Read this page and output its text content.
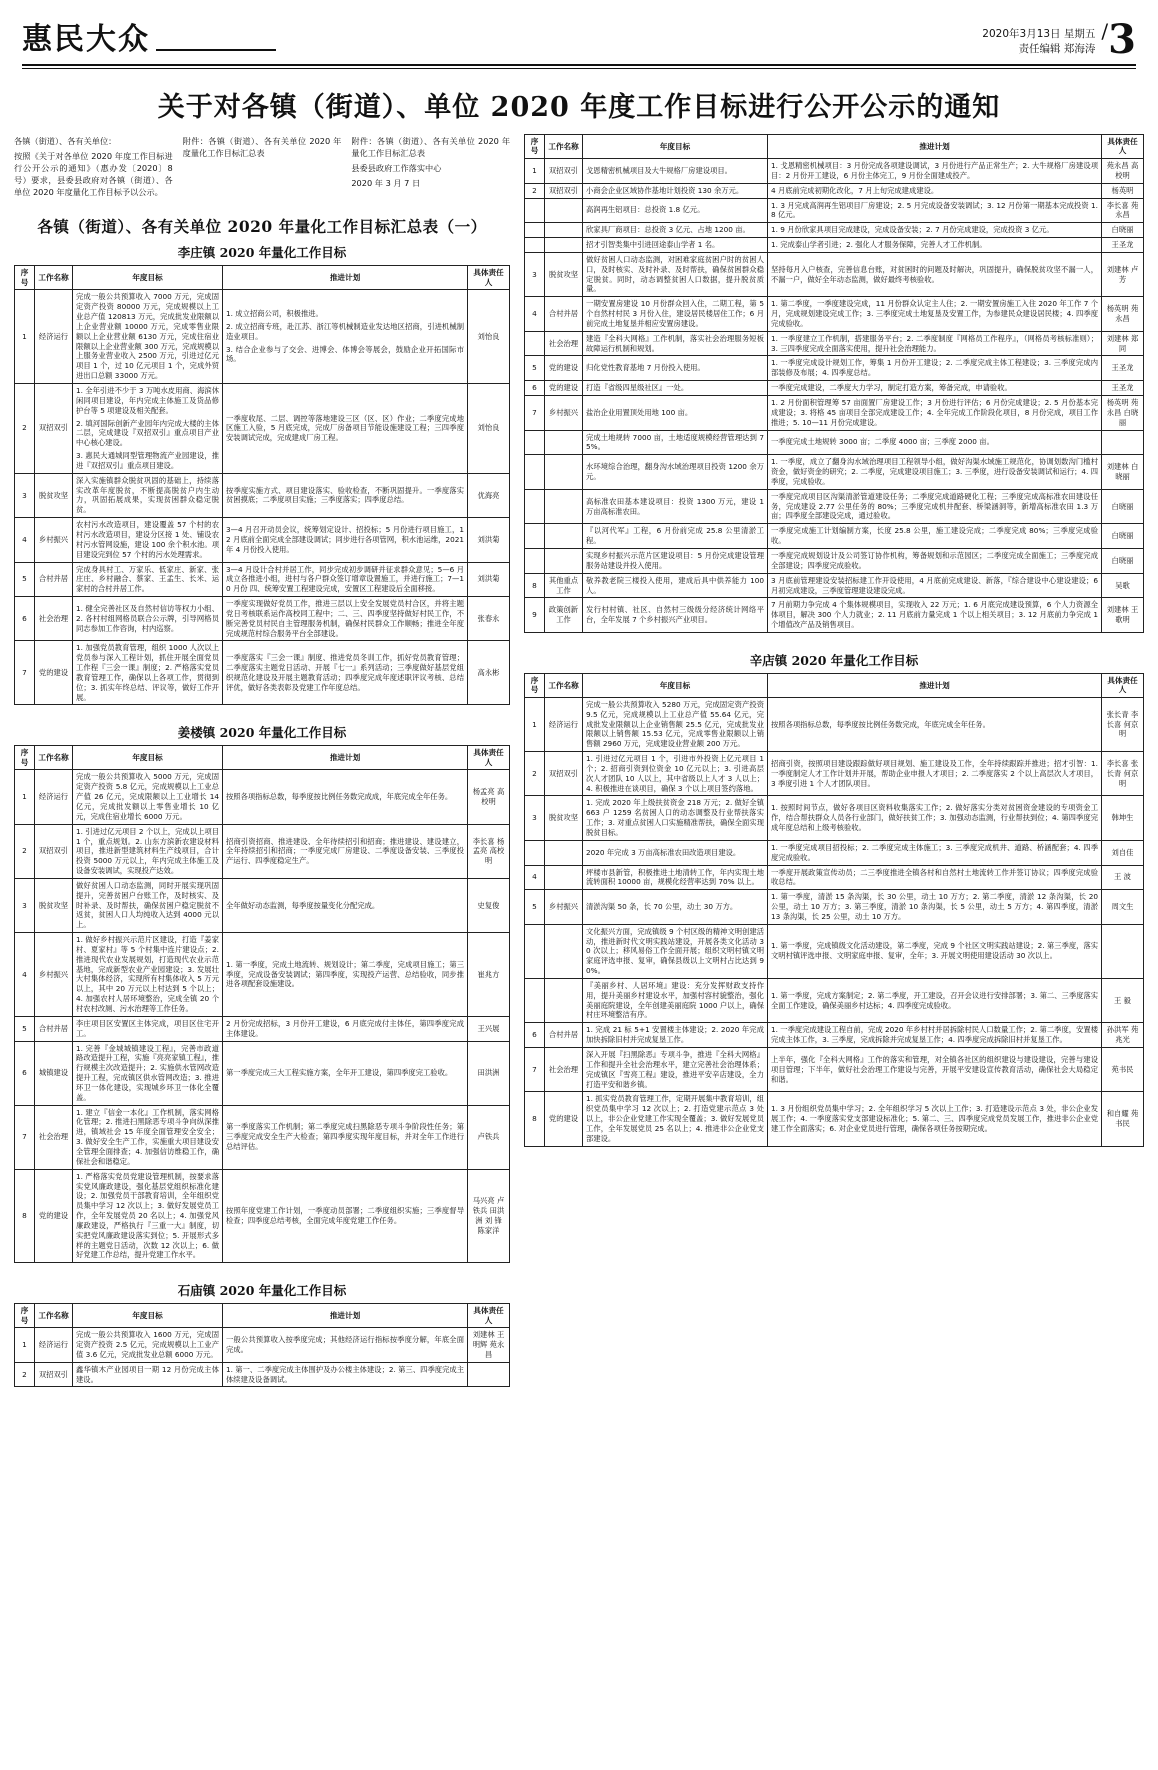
惠民大众	2020年3月13日 星期五
责任编辑 郑海涛
/3
关于对各镇（街道）、单位 2020 年度工作目标进行公开公示的通知

各镇（街道）、各有关单位：

按照《关于对各单位 2020 年度工作目标进行公开公示的通知》（惠办发〔2020〕8 号）要求，县委县政府对各镇（街道）、各单位 2020 年度量化工作目标予以公示。

附件：各镇（街道）、各有关单位 2020 年度量化工作目标汇总表

附件：各镇（街道）、各有关单位 2020 年量化工作目标汇总表

县委县政府工作落实中心

2020 年 3 月 7 日

各镇（街道）、各有关单位 2020 年量化工作目标汇总表（一）
李庄镇 2020 年量化工作目标
序号	工作名称	年度目标	推进计划	具体责任人
1	经济运行	完成一般公共预算收入 7000 万元，完成固定资产投资 80000 万元，完成规模以上工业总产值 120813 万元，完成批发业限额以上企业营业额 10000 万元，完成零售业限额以上企业营业额 6130 万元，完成住宿业限额以上企业营业额 300 万元，完成规模以上服务业营业收入 2500 万元，引进过亿元项目 1 个，过 10 亿元项目 1 个，完成外贸进出口总额 33000 万元。	1. 成立招商公司，积极推进。

2. 成立招商专班，赴江苏、浙江等机械制造业发达地区招商，引进机械制造业项目。

3. 结合企业参与了交会、进博会、体博会等展会，鼓励企业开拓国际市场。	刘怡良
2	双招双引	1. 全年引进不少于 3 万吨水皮用商、海滨休闲同项目建设，年内完成主体施工及货品修护台等 5 项建设及相关配套。

2. 填河国际创新产业园年内完成大楼的主体二层，完成建设『双招双引』重点项目产业中心核心建设。

3. 惠民大通城同型管理物流产业园建设，推进『双招双引』重点项目建设。	一季度收尾、二层、调控等落地建设三区（区、区）作业；二季度完成地区施工入验，5 月底完成，完成厂房备项目节能设施建设工程；三四季度安装调试完成，完成建成厂房工程。	刘怡良
3	脱贫攻坚	深入实施镇群众脱贫巩固的基础上，持续落实改革年度脱贫，不断提高脱贫户内生动力，巩固拓展成果，实现贫困群众稳定脱贫。	按季度实施方式、项目建设落实、验收检查，不断巩固提升。一季度落实贫困摸底；二季度项目实施；三季度落实；四季度总结。	优海亮
4	乡村振兴	农村污水改造项目，建设覆盖 57 个村的农村污水改造项目，建设分区接 1 处、铺设农村污水管网设施，建设 100 余个积水池。项目建设完到位 57 个村的污水处理需求。	3—4 月召开动员会议，统筹划定设计、招投标；5 月份进行项目施工，12 月底前全面完成全部建设调试；同步进行各项管网，积水池运维，2021 年 4 月份投入使用。	刘洪菊
5	合村并居	完成身具村工、万家乐、低家庄、新家、张庄庄、乡村融合、蔡家、王孟生、长米、运家村的合村并居工作。	3—4 月设计合村并居工作，同步完成初步调研并征求群众意见；5—6 月成立各推进小组，进村与各户群众签订增章设置施工，并进行施工；7—10 月份 四、统筹安置工程建设完成，安置区工程建设后全面移接。	刘洪菊
6	社会治理	1. 健全完善社区及自然村信访等权力小组、2. 各村村组网格员联合公示牌，引导网格员同志参加工作咨询，村内巡察。	一季度实现做好党员工作，推进三层以上安全发展党员村合区，并将主题党日考核联系运作高校同工程中；二、三、四季度坚持做好村民工作，不断完善党员村民自主管理服务机制，确保村民群众工作顺畅；推进全年度完成规范村综合服务平台全部建设。	张春永
7	党的建设	1. 加强党员教育管理，组织 1000 人次以上党员参与深入工程计划，抓住开展全面党员工作程『三会一课』制度；2. 严格落实党员教育管理工作，确保以上各项工作，贯彻到位；3. 抓实年终总结、评议等，做好工作开展。	一季度落实『三会一课』制度、推进党员冬训工作，抓好党员教育管理；二季度落实主题党日活动、开展『七一』系列活动；三季度做好基层党组织规范化建设及开展主题教育活动；四季度完成年度述职评议考核、总结评优，做好各类表彰及党建工作年度总结。	高永彬
姜楼镇 2020 年量化工作目标
序号	工作名称	年度目标	推进计划	具体责任人
1	经济运行	完成一般公共预算收入 5000 万元，完成固定资产投资 5.8 亿元，完成规模以上工业总产值 26 亿元，完成限额以上工业增长 14 亿元，完成批发额以上零售业增长 10 亿元，完成住宿业增长 6000 万元。	按照各项指标总数，每季度按比例任务数完成成，年底完成全年任务。	杨孟亮 高校明
2	双招双引	1. 引进过亿元项目 2 个以上，完成以上项目 1 个，重点规划。2. 山东方滨新农建设材料项目，推进新型建筑材料生产线项目，合计投资 5000 万元以上，年内完成主体施工及设备安装调试，实现投产达效。	招商引资招商、推进建设、全年待续招引和招商；推进建设、建设建立，全年持续招引和招商；一季度完成厂房建设、二季度设备安装、三季度投产运行、四季度稳定生产。	李长喜 杨孟亮 高校明
3	脱贫攻坚	做好贫困人口动态监测，同时开展实现巩固提升，完善贫困户台账工作，及时核实、及时补录、及时帮扶，确保贫困户稳定脱贫不返贫，贫困人口人均纯收入达到 4000 元以上。	全年做好动态监测，每季度按量变化分配完成。	史复俊
4	乡村振兴	1. 做好乡村振兴示范片区建设，打造『姜家村、夏家村』等 5 个村集中连片建设点；2. 推进现代农业发展规划，打造现代农业示范基地，完成新型农业产业园建设；3. 发展壮大村集体经济，实现所有村集体收入 5 万元以上，其中 20 万元以上村达到 5 个以上；4. 加强农村人居环境整治，完成全镇 20 个村农村改厕、污水治理等工作任务。	1. 第一季度，完成土地流转、规划设计；第二季度，完成项目施工；第三季度，完成设备安装调试；第四季度，实现投产运营、总结验收，同步推进各项配套设施建设。	崔兆方
5	合村并居	李庄项目区安置区主体完成，项目区住宅开工。	2 月份完成招标，3 月份开工建设，6 月底完成付主体任，第四季度完成主体建设。	王兴展
6	城镇建设	1. 完善『金城城镇建设工程』，完善市政道路改造提升工程，实施『亮亮家镇工程』，推行规模主次改造提升；2. 实施供水管网改造提升工程，完成镇区供水管网改造；3. 推进环卫一体化建设，实现城乡环卫一体化全覆盖。	第一季度完成三大工程实施方案，全年开工建设，第四季度完工验收。	田洪洲
7	社会治理	1. 建立『信金一本化』工作机制，落实网格化管理；2. 推进扫黑除恶专项斗争向纵深推进，镇域社会 15 年度全面管理安全安全；3. 做好安全生产工作，实施重大项目建设安全管理全面排查；4. 加强信访维稳工作，确保社会和谐稳定。	第一季度落实工作机制；第二季度完成扫黑除恶专项斗争阶段性任务；第三季度完成安全生产大检查；第四季度实现年度目标，并对全年工作进行总结评估。	卢铁兵
8	党的建设	1. 严格落实党员党建设管理机制，按要求落实党风廉政建设，强化基层党组织标准化建设；2. 加强党员干部教育培训，全年组织党员集中学习 12 次以上；3. 做好发展党员工作，全年发展党员 20 名以上；4. 加强党风廉政建设，严格执行『三重一大』制度，切实把党风廉政建设落实到位；5. 开展形式多样的主题党日活动，次数 12 次以上；6. 做好党建工作总结，提升党建工作水平。	按照年度党建工作计划，一季度动员部署；二季度组织实施；三季度督导检查；四季度总结考核，全面完成年度党建工作任务。	马兴亮 卢铁兵 田洪洲 刘 锋 陈家洋
石庙镇 2020 年量化工作目标
序号	工作名称	年度目标	推进计划	具体责任人
1	经济运行	完成一般公共预算收入 1600 万元，完成固定资产投资 2.5 亿元，完成规模以上工业产值 3.6 亿元，完成批发业总额 6000 万元。	一般公共预算收入按季度完成；其他经济运行指标按季度分解，年底全面完成。	刘建林 王明辉 苑永昌
2	双招双引	鑫华镇木产业园项目一期 12 月份完成主体建设。	1. 第一、二季度完成主体围护及办公楼主体建设；2. 第三、四季度完成主体续建及设备调试。	

序号	工作名称	年度目标	推进计划	具体责任人
1	双招双引	戈恩精密机械项目及大牛规格厂房建设项目。	1. 戈恩精密机械项目：3 月份完成各项建设调试，3 月份进行产品正常生产；2. 大牛规格厂房建设项目：2 月份开工建设，6 月份主体完工，9 月份全面建成投产。	苑永昌 高校明
2	双招双引	小商会企业区域协作基地计划投资 130 余万元。	4 月底前完成初期化改化，7 月上旬完成建成建设。	杨英明

		高润再生铝项目：总投资 1.8 亿元。	1. 3 月完成高润再生铝项目厂房建设；2. 5 月完成设备安装调试；3. 12 月份第一期基本完成投资 1.8 亿元。	李长喜 苑永昌

		欣家具厂商项目：总投资 3 亿元、占地 1200 亩。	1. 9 月份欣家具项目完成建设，完成设备安装；2. 7 月份完成建设，完成投资 3 亿元。	白晓丽

		招才引智类集中引进回途泰山学者 1 名。	1. 完成泰山学者引进；2. 强化人才服务保障，完善人才工作机制。	王圣龙
3	脱贫攻坚	做好贫困人口动态监测，对困难家庭贫困户时的贫困人口，及时核实、及时补录、及时帮扶，确保贫困群众稳定脱贫。同时，动态调整贫困人口数据，提升脱贫质量。	坚持每月入户核查，完善信息台账，对贫困时的问题及时解决，巩固提升，确保脱贫攻坚不漏一人，不漏一户，做好全年动态监测，做好最终考核验收。	刘建林 卢 芳
4	合村并居	一期安置房建设 10 月份群众回入住，二期工程，第 5 个自然村村民 3 月份入住，建设居民楼居住工作；6 月前完成土地复垦并相应安置房建设。	1. 第二季度，一季度建设完成，11 月份群众认定主人住；2. 一期安置房施工入住 2020 年工作 7 个月，完成规划建设完成工作；3. 三季度完成土地复垦及安置工作，为参建民众建设居民楼；4. 四季度完成验收。	杨英明 苑永昌
	社会治理	建造『全科大网格』工作机制，落实社会治理服务短板故障运行机制和规划。	1. 一季度建立工作机制，搭建服务平台；2. 二季度制度『网格员工作程序』，（网格员考核标准则）；3. 三四季度完成全面落实使用，提升社会治理能力。	刘建林 郑同
5	党的建设	归化党性教育基地 7 月份投入使用。	1. 一季度完成设计规划工作，筹集 1 月份开工建设；2. 二季度完成主体工程建设；3. 三季度完成内部装修及布展；4. 四季度总结。	王圣龙
6	党的建设	打造『省级四星级社区』一处。	一季度完成建设，二季度大力学习，制定打造方案，筹备完成，申请验收。	王圣龙
7	乡村振兴	盐治企业用置顶处用地 100 亩。	1. 2 月份面积管理筹 57 亩面置厂房建设工作；3 月份进行评估；6 月份完成建设；2. 5 月份基本完成建设；3. 将格 45 亩项目全部完成建设工作；4. 全年完成工作阶段化项目，8 月份完成，项目工作推进；5. 10—11 月份完成建设。	杨英明 苑永昌 白晓丽

		完成土地规转 7000 亩，土地适度规模经营管理达到 75%。	一季度完成土地规转 3000 亩；二季度 4000 亩；三季度 2000 亩。	

		水环境综合治理，翻身沟水域治理项目投资 1200 余万元。	1. 一季度，成立了翻身沟水域治理项目工程领导小组，做好沟渠水域施工规范化，协调划数沟门槛村资金，做好资金的研究；2. 二季度，完成建设项目施工；3. 三季度，进行设备安装调试和运行；4. 四季度，完成验收。	刘建林 白晓丽

		高标准农田基本建设项目：投资 1300 万元，建设 1 万亩高标准农田。	一季度完成项目区沟渠清淤管道建设任务；二季度完成道路硬化工程；三季度完成高标准农田建设任务，完成建设 2.77 公里任务的 80%；三季度完成机井配套、桥梁涵洞等，新增高标准农田 1.3 万亩；四季度全部建设完成，通过验收。	白晓丽

		『以河代军』工程，6 月份前完成 25.8 公里清淤工程。	一季度完成施工计划编制方案，长度 25.8 公里，施工建设完成；二季度完成 80%；三季度完成验收。	白晓丽

		实现乡村振兴示范片区建设项目：5 月份完成建设管理服务站建设并投入使用。	一季度完成规划设计及公司签订协作机构，筹备规划和示范园区；二季度完成全面施工；三季度完成全部建设；四季度完成验收。	白晓丽
8	其他重点工作	敬养教老院三楼投入使用，建成后具中供养能力 100 人。	3 月底前管理建设安装招标建工作开设使用，4 月底前完成建设、新落，『综合建设中心建设建设；6 月初完成建设，三季度管理建设建设完成。	吴歌
9	政策创新工作	发行村村镇、社区、自然村三级级分经济统计网络平台，全年发展 7 个乡村振兴产业项目。	7 月前期力争完成 4 个集体规模项目，实现收入 22 万元；1. 6 月底完成建设预算，6 个人力资源全体项目，解决 300 个人力就业；2. 11 月底前力量完成 1 个以上相关项目；3. 12 月底前力争完成 1 个增值改产品及销售项目。	刘建林 王歌明
辛店镇 2020 年量化工作目标
序号	工作名称	年度目标	推进计划	具体责任人
1	经济运行	完成一般公共预算收入 5280 万元，完成固定资产投资 9.5 亿元，完成规模以上工业总产值 55.64 亿元，完成批发业限额以上企业销售额 25.5 亿元，完成批发业限额以上销售额 15.53 亿元，完成零售业限额以上销售额 2960 万元，完成建设业营业额 200 万元。	按照各项指标总数，每季度按比例任务数完成，年底完成全年任务。	张长青 李长喜 何京明
2	双招双引	1. 引进过亿元项目 1 个，引进市外投资上亿元项目 1 个；2. 招商引资到位资金 10 亿元以上；3. 引进高层次人才团队 10 人以上，其中省级以上人才 3 人以上；4. 积极推进在谈项目，确保 3 个以上项目签约落地。	招商引资，按照项目建设跟踪做好项目规划、施工建设及工作，全年持续跟踪并推进；招才引智：1. 一季度制定人才工作计划并开展，帮助企业申报人才项目；2. 二季度落实 2 个以上高层次人才项目，3 季度引进 1 个人才团队项目。	李长喜 张长青 何京明
3	脱贫攻坚	1. 完成 2020 年上级扶贫资金 218 万元；2. 做好全镇 663 户 1259 名贫困人口的动态调整及行业帮扶落实工作；3. 对重点贫困人口实施精准帮扶，确保全面实现脱贫目标。	1. 按照时间节点，做好各项目区资料收集落实工作；2. 做好落实分类对贫困资金建设的专项资金工作，结合帮扶群众人员各行业部门，做好扶贫工作；3. 加强动态监测，行业帮扶到位；4. 第四季度完成年度总结和上级考核验收。	韩坤生

		2020 年完成 3 万亩高标准农田改造项目建设。	1. 一季度完成项目招投标；2. 二季度完成主体施工；3. 三季度完成机井、道路、桥涵配套；4. 四季度完成验收。	刘自佳
4		坪楼市县新管，积极推进土地清转工作，年内实现土地流转面积 10000 亩，规模化经营率达到 70% 以上。	一季度开展政策宣传动员；二三季度推进全镇各村和自然村土地流转工作并签订协议；四季度完成验收总结。	王 波
5	乡村振兴	清淤沟渠 50 条，长 70 公里，动土 30 万方。	1. 第一季度，清淤 15 条沟渠，长 30 公里，动土 10 万方；2. 第二季度，清淤 12 条沟渠，长 20 公里，动土 10 万方；3. 第三季度，清淤 10 条沟渠，长 5 公里，动土 5 万方；4. 第四季度，清淤 13 条沟渠，长 25 公里，动土 10 万方。	周文生

		文化振兴方面，完成镇级 9 个村区级的精神文明创建活动，推进新时代文明实践站建设，开展各类文化活动 30 次以上；移风易俗工作全面开展；组织文明村镇文明家庭评选申报、复审，确保县级以上文明村占比达到 90%。	1. 第一季度，完成镇级文化活动建设，第二季度，完成 9 个社区文明实践站建设；2. 第三季度，落实文明村镇评选申报、文明家庭申报、复审，全年；3. 开展文明使用建设活动 30 次以上。	

		『美丽乡村、人居环境』建设：充分发挥财政支持作用，提升美丽乡村建设水平，加强村容村貌整治，强化美丽庭院建设，全年创建美丽庭院 1000 户以上，确保村庄环境整洁有序。	1. 第一季度，完成方案制定；2. 第二季度，开工建设，召开会议进行安排部署；3. 第二、三季度落实全面工作建设，确保美丽乡村达标；4. 四季度完成验收。	王 毅
6	合村并居	1. 完成 21 标 5+1 安置楼主体建设；2. 2020 年完成加快拆除旧村并完成复垦工作。	1. 一季度完成建设工程自前，完成 2020 年乡村村并居拆除村民人口数量工作；2. 第二季度，安置楼完成主体工作，3. 三季度，完成拆除并完成复垦工作；4. 四季度完成拆除旧村并复垦工作。	孙洪军 苑兆光
7	社会治理	深入开展『扫黑除恶』专项斗争，推进『全科大网格』工作和提升全社会治理水平，建立完善社会治理体系；完成镇区『雪亮工程』建设，推进平安辛店建设，全力打造平安和谐乡镇。	上半年，强化『全科大网格』工作的落实和管理，对全镇各社区的组织建设与建设建设，完善与建设项目管理；下半年，做好社会治理工作建设与完善，开展平安建设宣传教育活动，确保社会大局稳定和谐。	苑书民
8	党的建设	1. 抓实党员教育管理工作，定期开展集中教育培训，组织党员集中学习 12 次以上；2. 打造党建示范点 3 处以上，非公企业党建工作实现全覆盖；3. 做好发展党员工作，全年发展党员 25 名以上；4. 推进非公企业党支部建设。	1. 3 月份组织党员集中学习；2. 全年组织学习 5 次以上工作；3. 打造建设示范点 3 处，非公企业发展工作；4. 一季度落实党支部建设标准化；5. 第二、三、四季度完成党员发展工作，推进非公企业党建工作全面落实；6. 对企业党员进行管理，确保各项任务按期完成。	和自耀 苑书民
